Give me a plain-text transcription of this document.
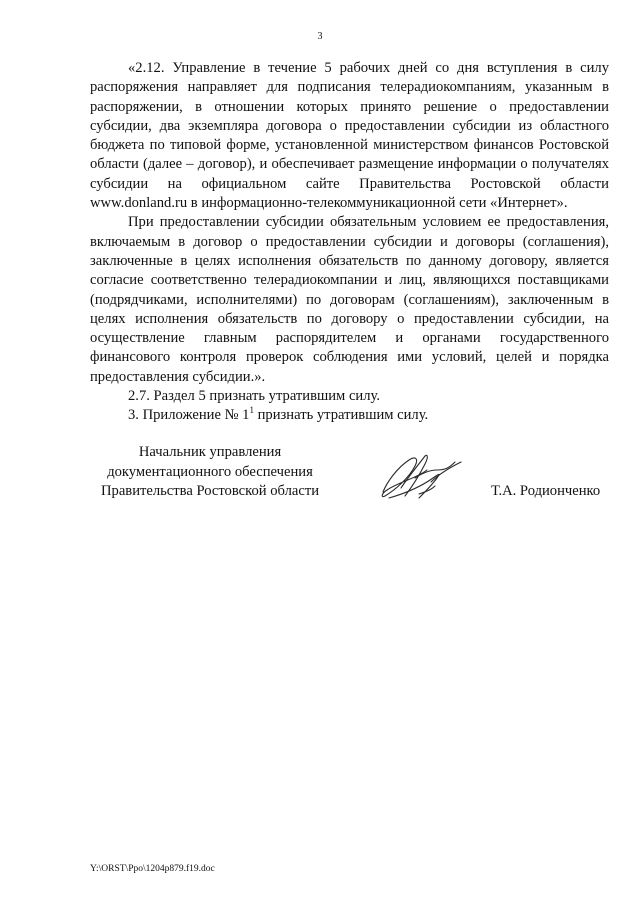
3

«2.12. Управление в течение 5 рабочих дней со дня вступления в силу распоряжения направляет для подписания телерадиокомпаниям, указанным в распоряжении, в отношении которых принято решение о предоставлении субсидии, два экземпляра договора о предоставлении субсидии из областного бюджета по типовой форме, установленной министерством финансов Ростовской области (далее – договор), и обеспечивает размещение информации о получателях субсидии на официальном сайте Правительства Ростовской области www.donland.ru в информационно-телекоммуникационной сети «Интернет».

При предоставлении субсидии обязательным условием ее предоставления, включаемым в договор о предоставлении субсидии и договоры (соглашения), заключенные в целях исполнения обязательств по данному договору, является согласие соответственно телерадиокомпании и лиц, являющихся поставщиками (подрядчиками, исполнителями) по договорам (соглашениям), заключенным в целях исполнения обязательств по договору о предоставлении субсидии, на осуществление главным распорядителем и органами государственного финансового контроля проверок соблюдения ими условий, целей и порядка предоставления субсидии.».

2.7. Раздел 5 признать утратившим силу.

3. Приложение № $1^1$ признать утратившим силу.

Начальник управления
документационного обеспечения
Правительства Ростовской области	Т.А. Родионченко
Y:\ORST\Ppo\1204p879.f19.doc
